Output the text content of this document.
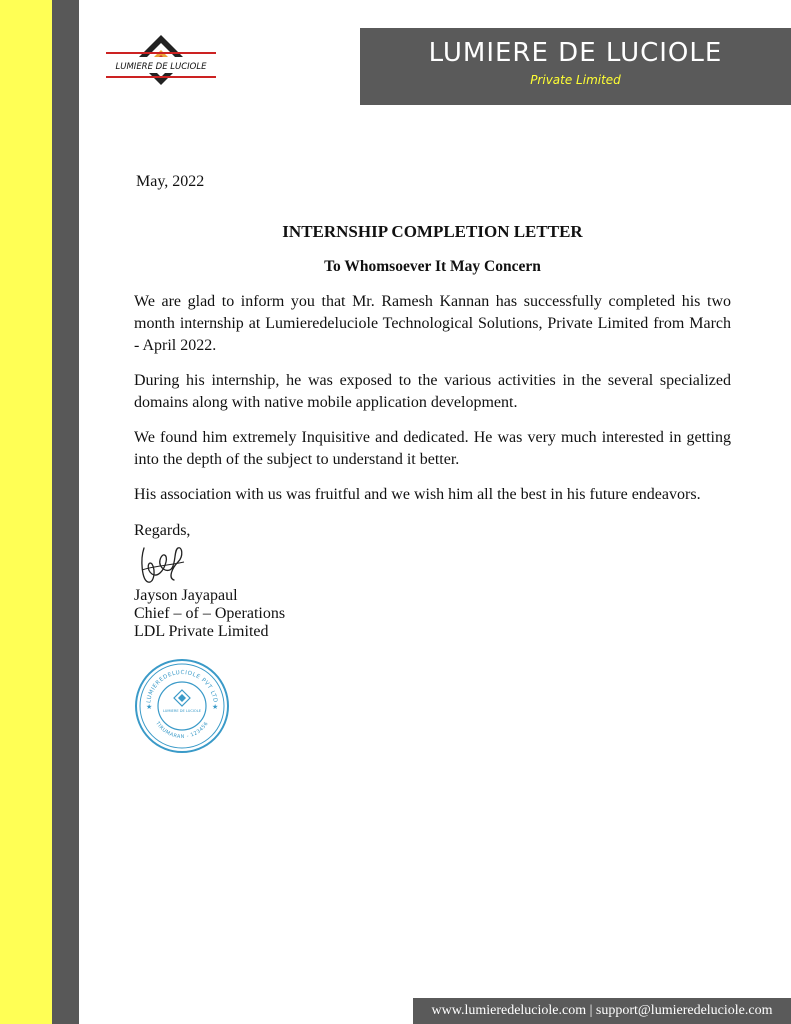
LUMIERE DE LUCIOLE	LUMIERE DE LUCIOLE
Private Limited
May, 2022
INTERNSHIP COMPLETION LETTER
To Whomsoever It May Concern

We are glad to inform you that Mr. Ramesh Kannan has successfully completed his two month internship at Lumieredeluciole Technological Solutions, Private Limited from March - April 2022.

During his internship, he was exposed to the various activities in the several specialized domains along with native mobile application development.

We found him extremely Inquisitive and dedicated. He was very much interested in getting into the depth of the subject to understand it better.

His association with us was fruitful and we wish him all the best in his future endeavors.

Regards,
Jayson Jayapaul
Chief – of – Operations
LDL Private Limited
LUMIEREDELUCIOLE PVT LTD
TIRUMARAN - 123456
★	★
LUMIERE DE LUCIOLE
www.lumieredeluciole.com | support@lumieredeluciole.com
